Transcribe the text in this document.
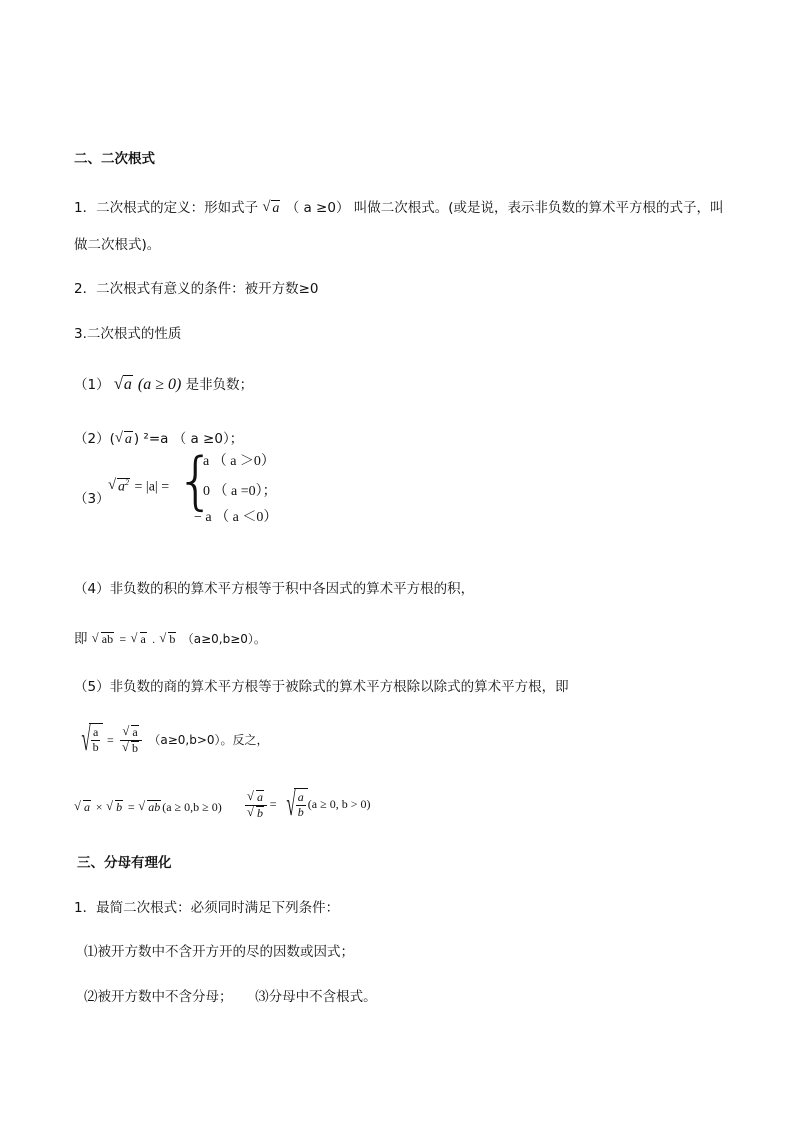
二、二次根式
1．二次根式的定义：形如式子 √ a （ a ≥0） 叫做二次根式。(或是说，表示非负数的算术平方根的式子，叫
做二次根式)。
2．二次根式有意义的条件：被开方数≥0
3.二次根式的性质
（1） √ a (a ≥ 0) 是非负数；
（2）( √ a ) ²=a （ a ≥0）；
（3）
√ $a^2 = |a|$ = {
a （ a ＞0）
0 （ a =0）；
− a （ a ＜0）
（4）非负数的积的算术平方根等于积中各因式的算术平方根的积，
即 √ ab = √ a . √ b （a≥0,b≥0）。
（5）非负数的商的算术平方根等于被除式的算术平方根除以除式的算术平方根，即
√ $\frac{a}{b}$ = √ a
√ b （a≥0,b>0）。反之，
√ a × √ b = √ ab (a ≥ 0,b ≥ 0) √ a
√ b = √ $\frac{a}{b} (a \ge 0$, b > 0)
三、分母有理化
1．最简二次根式：必须同时满足下列条件：
⑴被开方数中不含开方开的尽的因数或因式；
⑵被开方数中不含分母； ⑶分母中不含根式。
